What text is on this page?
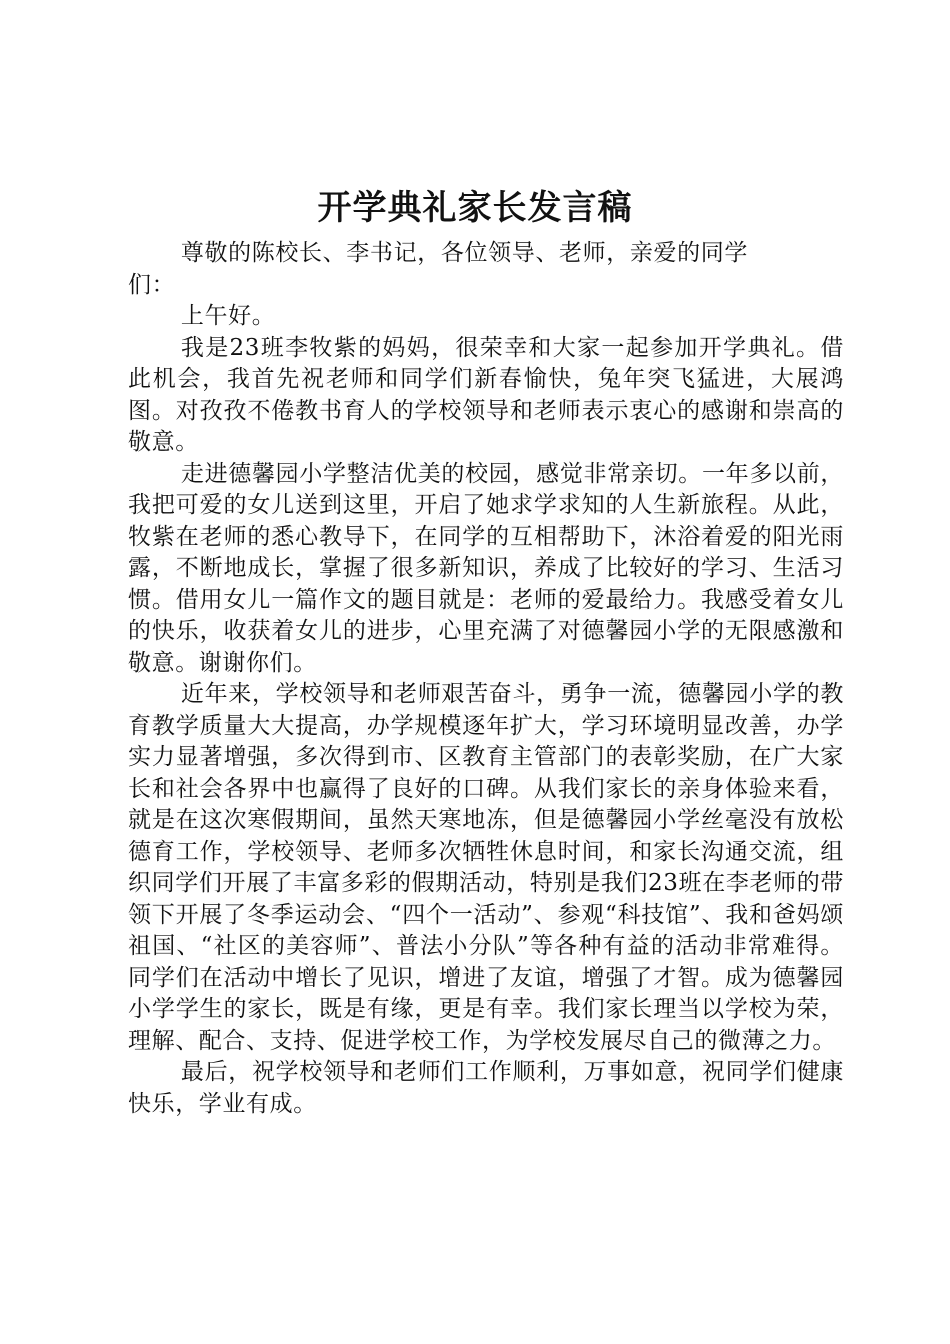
开学典礼家长发言稿

尊敬的陈校长、李书记，各位领导、老师，亲爱的同学们：

上午好。

我是23班李牧紫的妈妈，很荣幸和大家一起参加开学典礼。借此机会，我首先祝老师和同学们新春愉快，兔年突飞猛进，大展鸿图。对孜孜不倦教书育人的学校领导和老师表示衷心的感谢和崇高的敬意。

走进德馨园小学整洁优美的校园，感觉非常亲切。一年多以前，我把可爱的女儿送到这里，开启了她求学求知的人生新旅程。从此，牧紫在老师的悉心教导下，在同学的互相帮助下，沐浴着爱的阳光雨露，不断地成长，掌握了很多新知识，养成了比较好的学习、生活习惯。借用女儿一篇作文的题目就是：老师的爱最给力。我感受着女儿的快乐，收获着女儿的进步，心里充满了对德馨园小学的无限感激和敬意。谢谢你们。

近年来，学校领导和老师艰苦奋斗，勇争一流，德馨园小学的教育教学质量大大提高，办学规模逐年扩大，学习环境明显改善，办学实力显著增强，多次得到市、区教育主管部门的表彰奖励，在广大家长和社会各界中也赢得了良好的口碑。从我们家长的亲身体验来看，就是在这次寒假期间，虽然天寒地冻，但是德馨园小学丝毫没有放松德育工作，学校领导、老师多次牺牲休息时间，和家长沟通交流，组织同学们开展了丰富多彩的假期活动，特别是我们23班在李老师的带领下开展了冬季运动会、“四个一活动”、参观“科技馆”、我和爸妈颂祖国、“社区的美容师”、普法小分队”等各种有益的活动非常难得。同学们在活动中增长了见识，增进了友谊，增强了才智。成为德馨园小学学生的家长，既是有缘，更是有幸。我们家长理当以学校为荣，理解、配合、支持、促进学校工作，为学校发展尽自己的微薄之力。

最后，祝学校领导和老师们工作顺利，万事如意，祝同学们健康快乐，学业有成。
